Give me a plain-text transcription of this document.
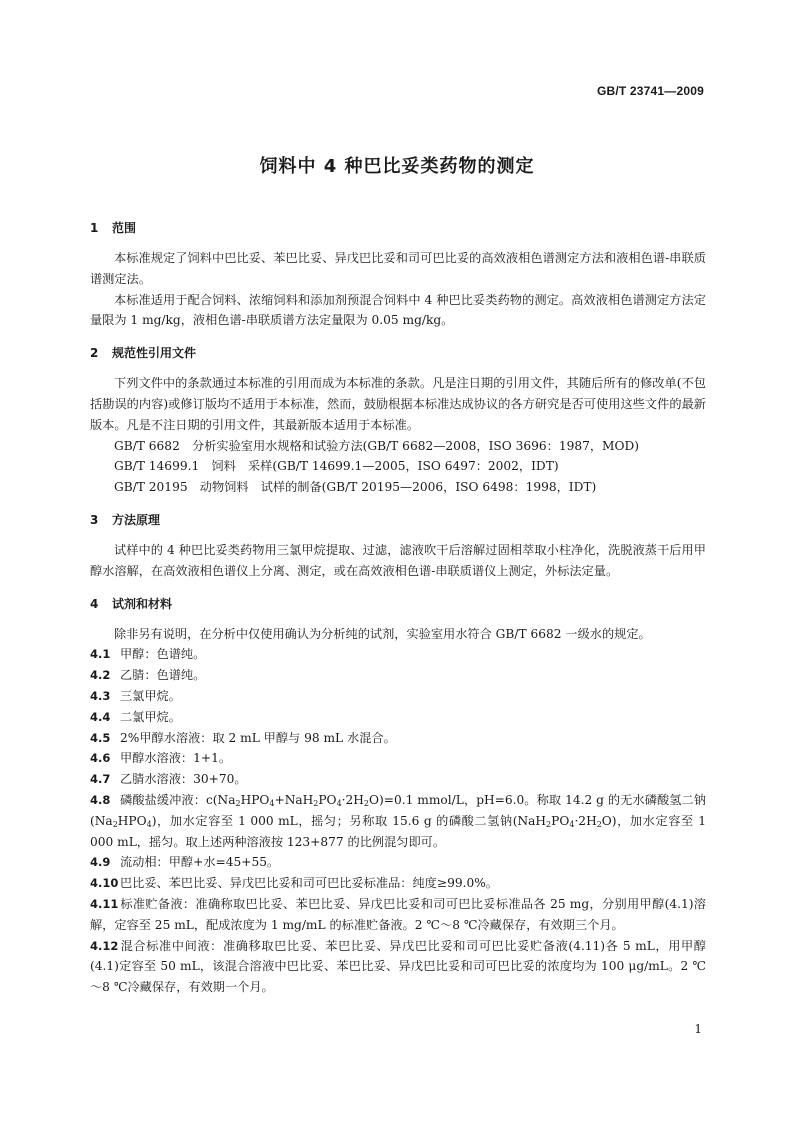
GB/T 23741—2009
饲料中 4 种巴比妥类药物的测定
1 范围

本标准规定了饲料中巴比妥、苯巴比妥、异戊巴比妥和司可巴比妥的高效液相色谱测定方法和液相色谱-串联质谱测定法。

本标准适用于配合饲料、浓缩饲料和添加剂预混合饲料中 4 种巴比妥类药物的测定。高效液相色谱测定方法定量限为 1 mg/kg，液相色谱-串联质谱方法定量限为 0.05 mg/kg。

2 规范性引用文件

下列文件中的条款通过本标准的引用而成为本标准的条款。凡是注日期的引用文件，其随后所有的修改单(不包括勘误的内容)或修订版均不适用于本标准，然而，鼓励根据本标准达成协议的各方研究是否可使用这些文件的最新版本。凡是不注日期的引用文件，其最新版本适用于本标准。

GB/T 6682　分析实验室用水规格和试验方法(GB/T 6682—2008，ISO 3696：1987，MOD)

GB/T 14699.1　饲料　采样(GB/T 14699.1—2005，ISO 6497：2002，IDT)

GB/T 20195　动物饲料　试样的制备(GB/T 20195—2006，ISO 6498：1998，IDT)

3 方法原理

试样中的 4 种巴比妥类药物用三氯甲烷提取、过滤，滤液吹干后溶解过固相萃取小柱净化，洗脱液蒸干后用甲醇水溶解，在高效液相色谱仪上分离、测定，或在高效液相色谱-串联质谱仪上测定，外标法定量。

4 试剂和材料

除非另有说明，在分析中仅使用确认为分析纯的试剂，实验室用水符合 GB/T 6682 一级水的规定。

4.1 甲醇：色谱纯。

4.2 乙腈：色谱纯。

4.3 三氯甲烷。

4.4 二氯甲烷。

4.5 2%甲醇水溶液：取 2 mL 甲醇与 98 mL 水混合。

4.6 甲醇水溶液：1+1。

4.7 乙腈水溶液：30+70。

4.8 磷酸盐缓冲液：$c(Na_2HPO_4+NaH_2PO_4\cdot 2H_2O)=0.1$ mmol/L，pH=6.0。称取 14.2 g 的无水磷酸氢二钠$(Na_2HPO_4)$，加水定容至 1 000 mL，摇匀；另称取 15.6 g 的磷酸二氢钠$(NaH_2PO_4\cdot 2H_2O)$，加水定容至 1 000 mL，摇匀。取上述两种溶液按 123+877 的比例混匀即可。

4.9 流动相：甲醇+水=45+55。

4.10 巴比妥、苯巴比妥、异戊巴比妥和司可巴比妥标准品：纯度≥99.0%。

4.11 标准贮备液：准确称取巴比妥、苯巴比妥、异戊巴比妥和司可巴比妥标准品各 25 mg，分别用甲醇(4.1)溶解，定容至 25 mL，配成浓度为 1 mg/mL 的标准贮备液。2 ℃～8 ℃冷藏保存，有效期三个月。

4.12 混合标准中间液：准确移取巴比妥、苯巴比妥、异戊巴比妥和司可巴比妥贮备液(4.11)各 5 mL，用甲醇(4.1)定容至 50 mL，该混合溶液中巴比妥、苯巴比妥、异戊巴比妥和司可巴比妥的浓度均为 100 μg/mL。2 ℃～8 ℃冷藏保存，有效期一个月。

1
